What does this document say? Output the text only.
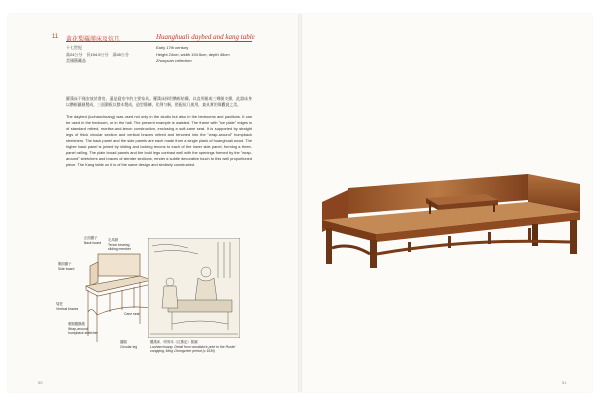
11 黃花梨羅漢床及炕几	Huanghuali daybed and kang table
十七世紀
高24公分　長194.5公分　深45公分
美國舊藏品
Early 17th century
Height 24cm, width 194.5cm, depth 45cm
Zhuoyuan collection
羅漢床不僅安放於書房，還是寢室中的主要家具。羅漢床採用攢框結構，以直形腿或三彎腿支撐，此器床身以攢框鑲屜製成，三面圍板以整木製成，造型簡練，比例勻稱，搭配炕几使用，兼具實用與觀賞之美。
The daybed (luohanchuang) was used not only in the studio but also in the bedrooms and pavilions. It can be used in the bedroom, or in the hall. The present example is waisted. The frame with "ice plate" edges is of standard mitred, mortise-and-tenon construction, enclosing a soft-cane seat. It is supported by straight legs of thick circular section and vertical braces mitred and tenoned into the "wrap-around" humpback stretchers. The back panel and the side panels are each made from a single plank of huanghuali wood. The higher back panel is joined by sliding and locking tenons to each of the lower side panel, forming a three-panel railing. The plain broad panels and the bold legs contrast well with the openings formed by the "wrap-around" stretchers and braces of slender sections, render a subtle decorative touch to this well proportioned piece. The Kang table on it is of the same design and similarly constructed.
正面圍子
Back board
走馬銷
Tenon bearing sliding member
側面圍子
Side board
矮老
Vertical braces
裹腿羅鍋棖
Wrap-around humpback stretcher
圓腿
Circular leg
Cane seat
羅漢床．明刻本《紅拂記》插圖
Luohanchuang. Detail from woodblock print to the Ruolei zongqing, Ming Chongzhen period (c.1630)
50	51
